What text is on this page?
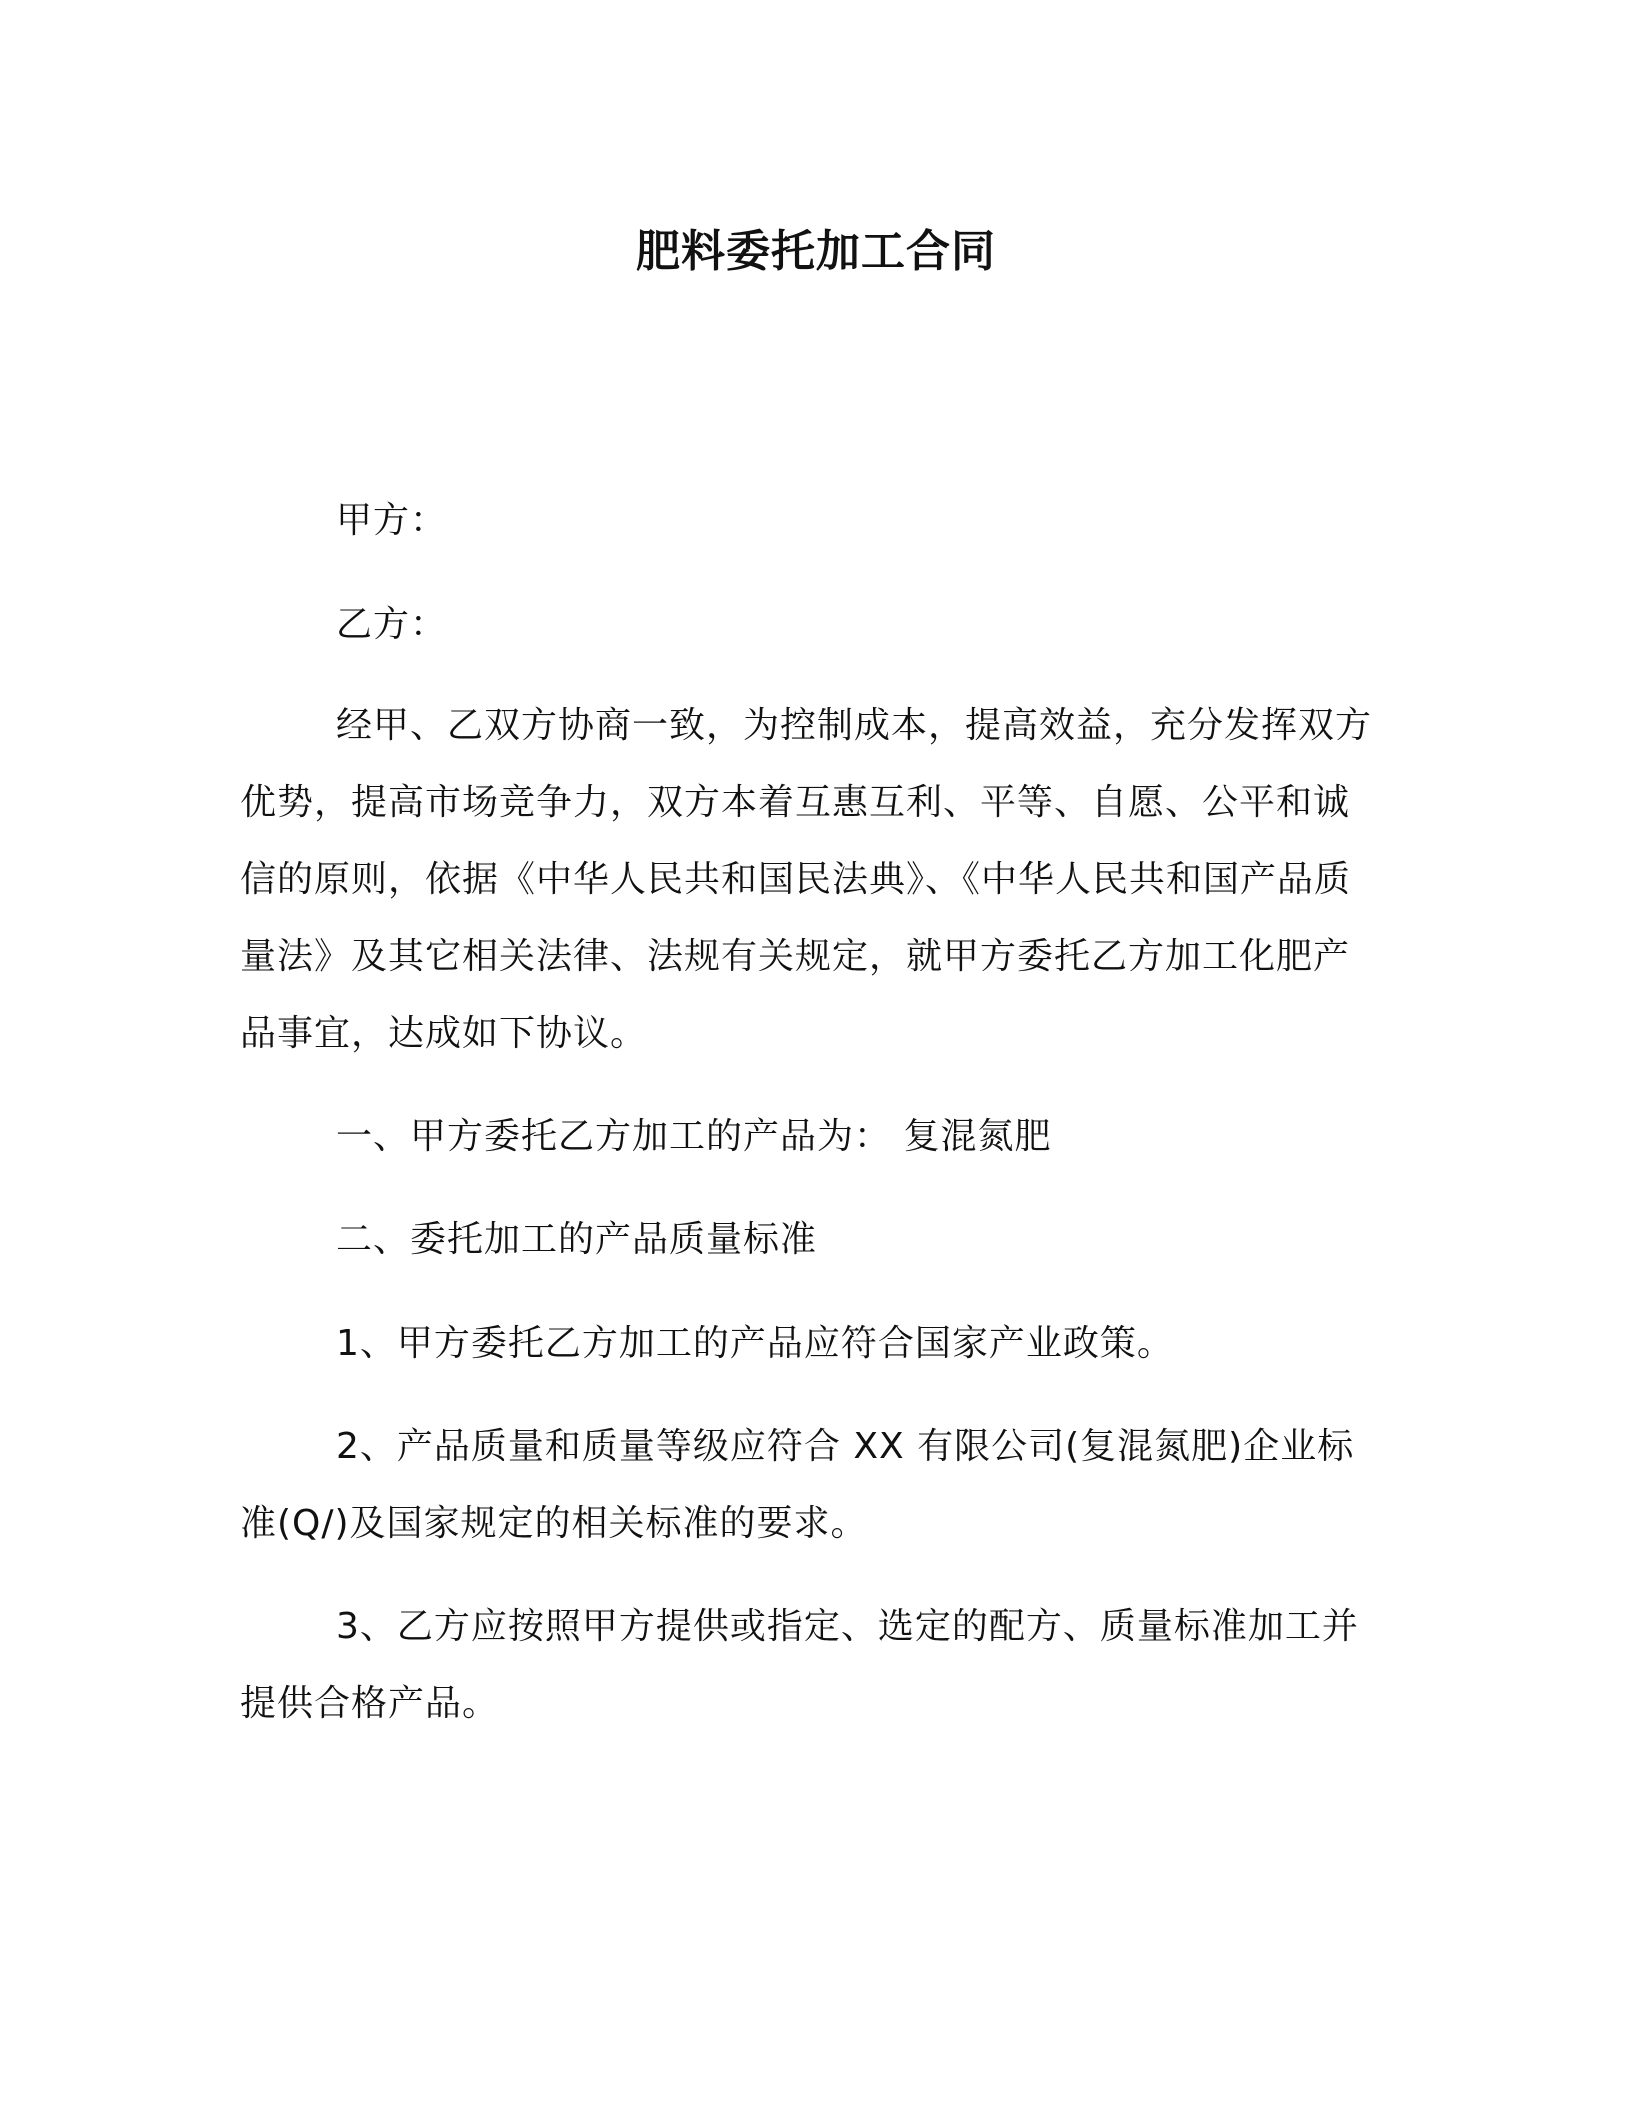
肥料委托加工合同

甲方：

乙方：

经甲、乙双方协商一致，为控制成本，提高效益，充分发挥双方优势，提高市场竞争力，双方本着互惠互利、平等、自愿、公平和诚信的原则，依据《中华人民共和国民法典》、《中华人民共和国产品质量法》及其它相关法律、法规有关规定，就甲方委托乙方加工化肥产品事宜，达成如下协议。

一、甲方委托乙方加工的产品为： 复混氮肥

二、委托加工的产品质量标准

1、甲方委托乙方加工的产品应符合国家产业政策。

2、产品质量和质量等级应符合 XX 有限公司(复混氮肥)企业标准(Q/)及国家规定的相关标准的要求。

3、乙方应按照甲方提供或指定、选定的配方、质量标准加工并提供合格产品。
